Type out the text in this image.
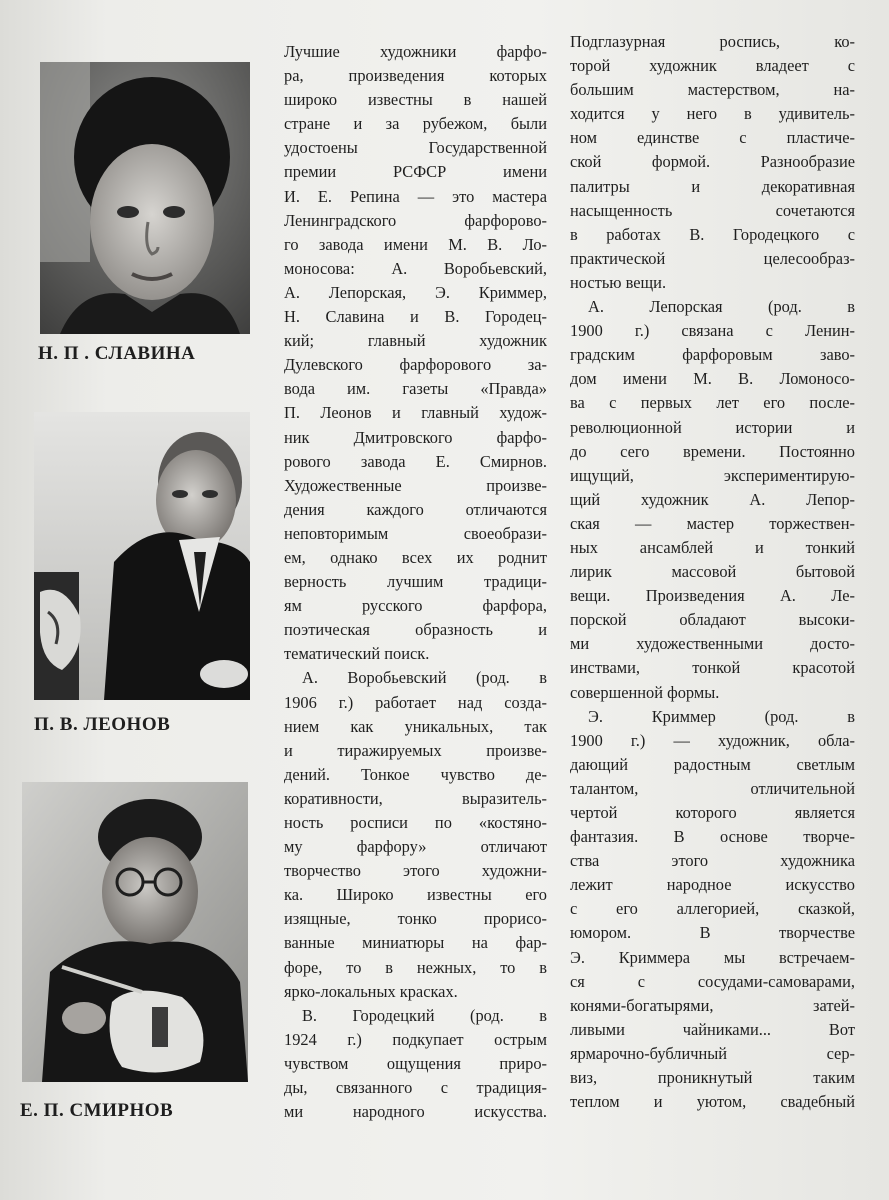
Н. П . СЛАВИНА
П. В. ЛЕОНОВ
Е. П. СМИРНОВ
Лучшие художники фарфо-
ра, произведения которых
широко известны в нашей
стране и за рубежом, были
удостоены Государственной
премии РСФСР имени
И. Е. Репина — это мастера
Ленинградского фарфорово-
го завода имени М. В. Ло-
моносова: А. Воробьевский,
А. Лепорская, Э. Криммер,
Н. Славина и В. Городец-
кий; главный художник
Дулевского фарфорового за-
вода им. газеты «Правда»
П. Леонов и главный худож-
ник Дмитровского фарфо-
рового завода Е. Смирнов.
Художественные произве-
дения каждого отличаются
неповторимым своеобрази-
ем, однако всех их роднит
верность лучшим традици-
ям русского фарфора,
поэтическая образность и
тематический поиск.
А. Воробьевский (род. в
1906 г.) работает над созда-
нием как уникальных, так
и тиражируемых произве-
дений. Тонкое чувство де-
коративности, выразитель-
ность росписи по «костяно-
му фарфору» отличают
творчество этого художни-
ка. Широко известны его
изящные, тонко прорисо-
ванные миниатюры на фар-
форе, то в нежных, то в
ярко-локальных красках.
В. Городецкий (род. в
1924 г.) подкупает острым
чувством ощущения приро-
ды, связанного с традиция-
ми народного искусства.
Подглазурная роспись, ко-
торой художник владеет с
большим мастерством, на-
ходится у него в удивитель-
ном единстве с пластиче-
ской формой. Разнообразие
палитры и декоративная
насыщенность сочетаются
в работах В. Городецкого с
практической целесообраз-
ностью вещи.
А. Лепорская (род. в
1900 г.) связана с Ленин-
градским фарфоровым заво-
дом имени М. В. Ломоносо-
ва с первых лет его после-
революционной истории и
до сего времени. Постоянно
ищущий, экспериментирую-
щий художник А. Лепор-
ская — мастер торжествен-
ных ансамблей и тонкий
лирик массовой бытовой
вещи. Произведения А. Ле-
порской обладают высоки-
ми художественными досто-
инствами, тонкой красотой
совершенной формы.
Э. Криммер (род. в
1900 г.) — художник, обла-
дающий радостным светлым
талантом, отличительной
чертой которого является
фантазия. В основе творче-
ства этого художника
лежит народное искусство
с его аллегорией, сказкой,
юмором. В творчестве
Э. Криммера мы встречаем-
ся с сосудами-самоварами,
конями-богатырями, затей-
ливыми чайниками... Вот
ярмарочно-бубличный сер-
виз, проникнутый таким
теплом и уютом, свадебный
